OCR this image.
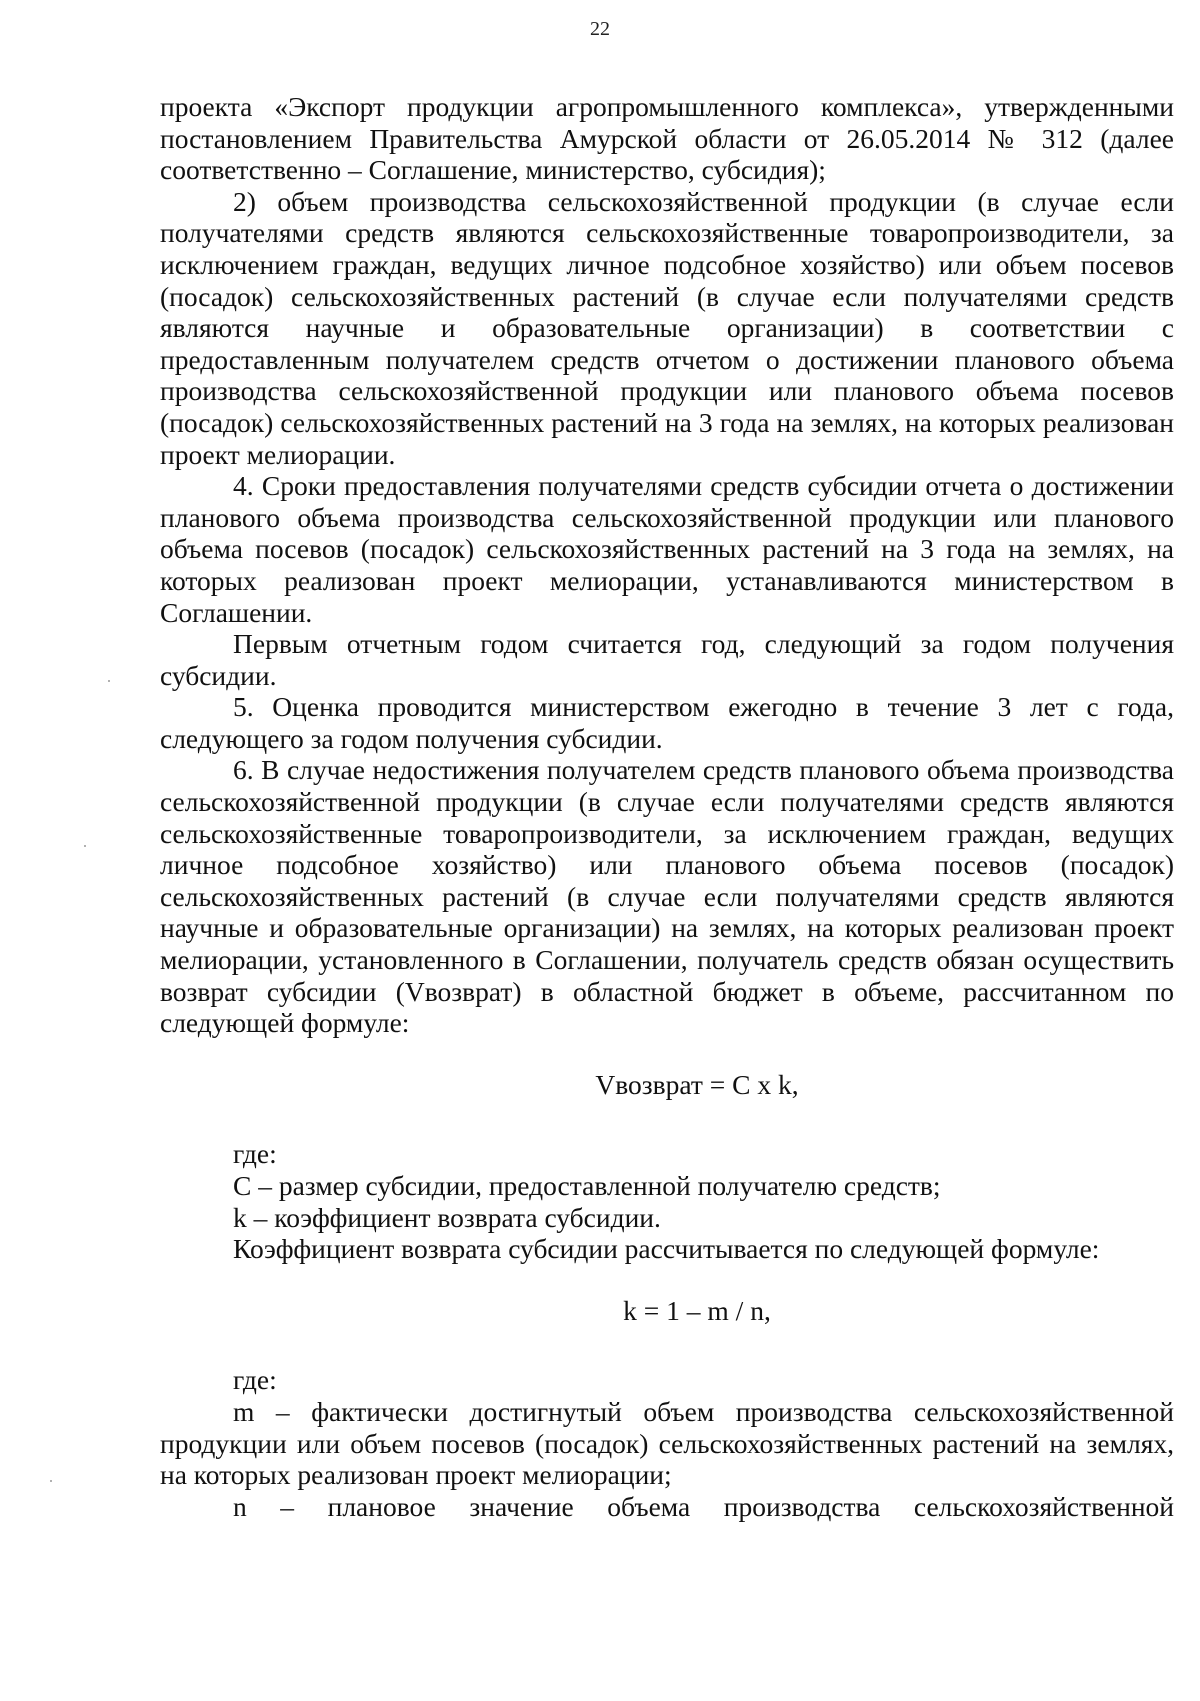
22

проекта «Экспорт продукции агропромышленного комплекса», утвержденными постановлением Правительства Амурской области от 26.05.2014 № 312 (далее соответственно – Соглашение, министерство, субсидия);

2) объем производства сельскохозяйственной продукции (в случае если получателями средств являются сельскохозяйственные товаропроизводители, за исключением граждан, ведущих личное подсобное хозяйство) или объем посевов (посадок) сельскохозяйственных растений (в случае если получателями средств являются научные и образовательные организации) в соответствии с предоставленным получателем средств отчетом о достижении планового объема производства сельскохозяйственной продукции или планового объема посевов (посадок) сельскохозяйственных растений на 3 года на землях, на которых реализован проект мелиорации.

4. Сроки предоставления получателями средств субсидии отчета о достижении планового объема производства сельскохозяйственной продукции или планового объема посевов (посадок) сельскохозяйственных растений на 3 года на землях, на которых реализован проект мелиорации, устанавливаются министерством в Соглашении.

Первым отчетным годом считается год, следующий за годом получения субсидии.

5. Оценка проводится министерством ежегодно в течение 3 лет с года, следующего за годом получения субсидии.

6. В случае недостижения получателем средств планового объема производства сельскохозяйственной продукции (в случае если получателями средств являются сельскохозяйственные товаропроизводители, за исключением граждан, ведущих личное подсобное хозяйство) или планового объема посевов (посадок) сельскохозяйственных растений (в случае если получателями средств являются научные и образовательные организации) на землях, на которых реализован проект мелиорации, установленного в Соглашении, получатель средств обязан осуществить возврат субсидии (Vвозврат) в областной бюджет в объеме, рассчитанном по следующей формуле:

Vвозврат = C x k,

где:

С – размер субсидии, предоставленной получателю средств;

k – коэффициент возврата субсидии.

Коэффициент возврата субсидии рассчитывается по следующей формуле:

k = 1 – m / n,

где:

m – фактически достигнутый объем производства сельскохозяйственной продукции или объем посевов (посадок) сельскохозяйственных растений на землях, на которых реализован проект мелиорации;

n – плановое значение объема производства сельскохозяйственной
